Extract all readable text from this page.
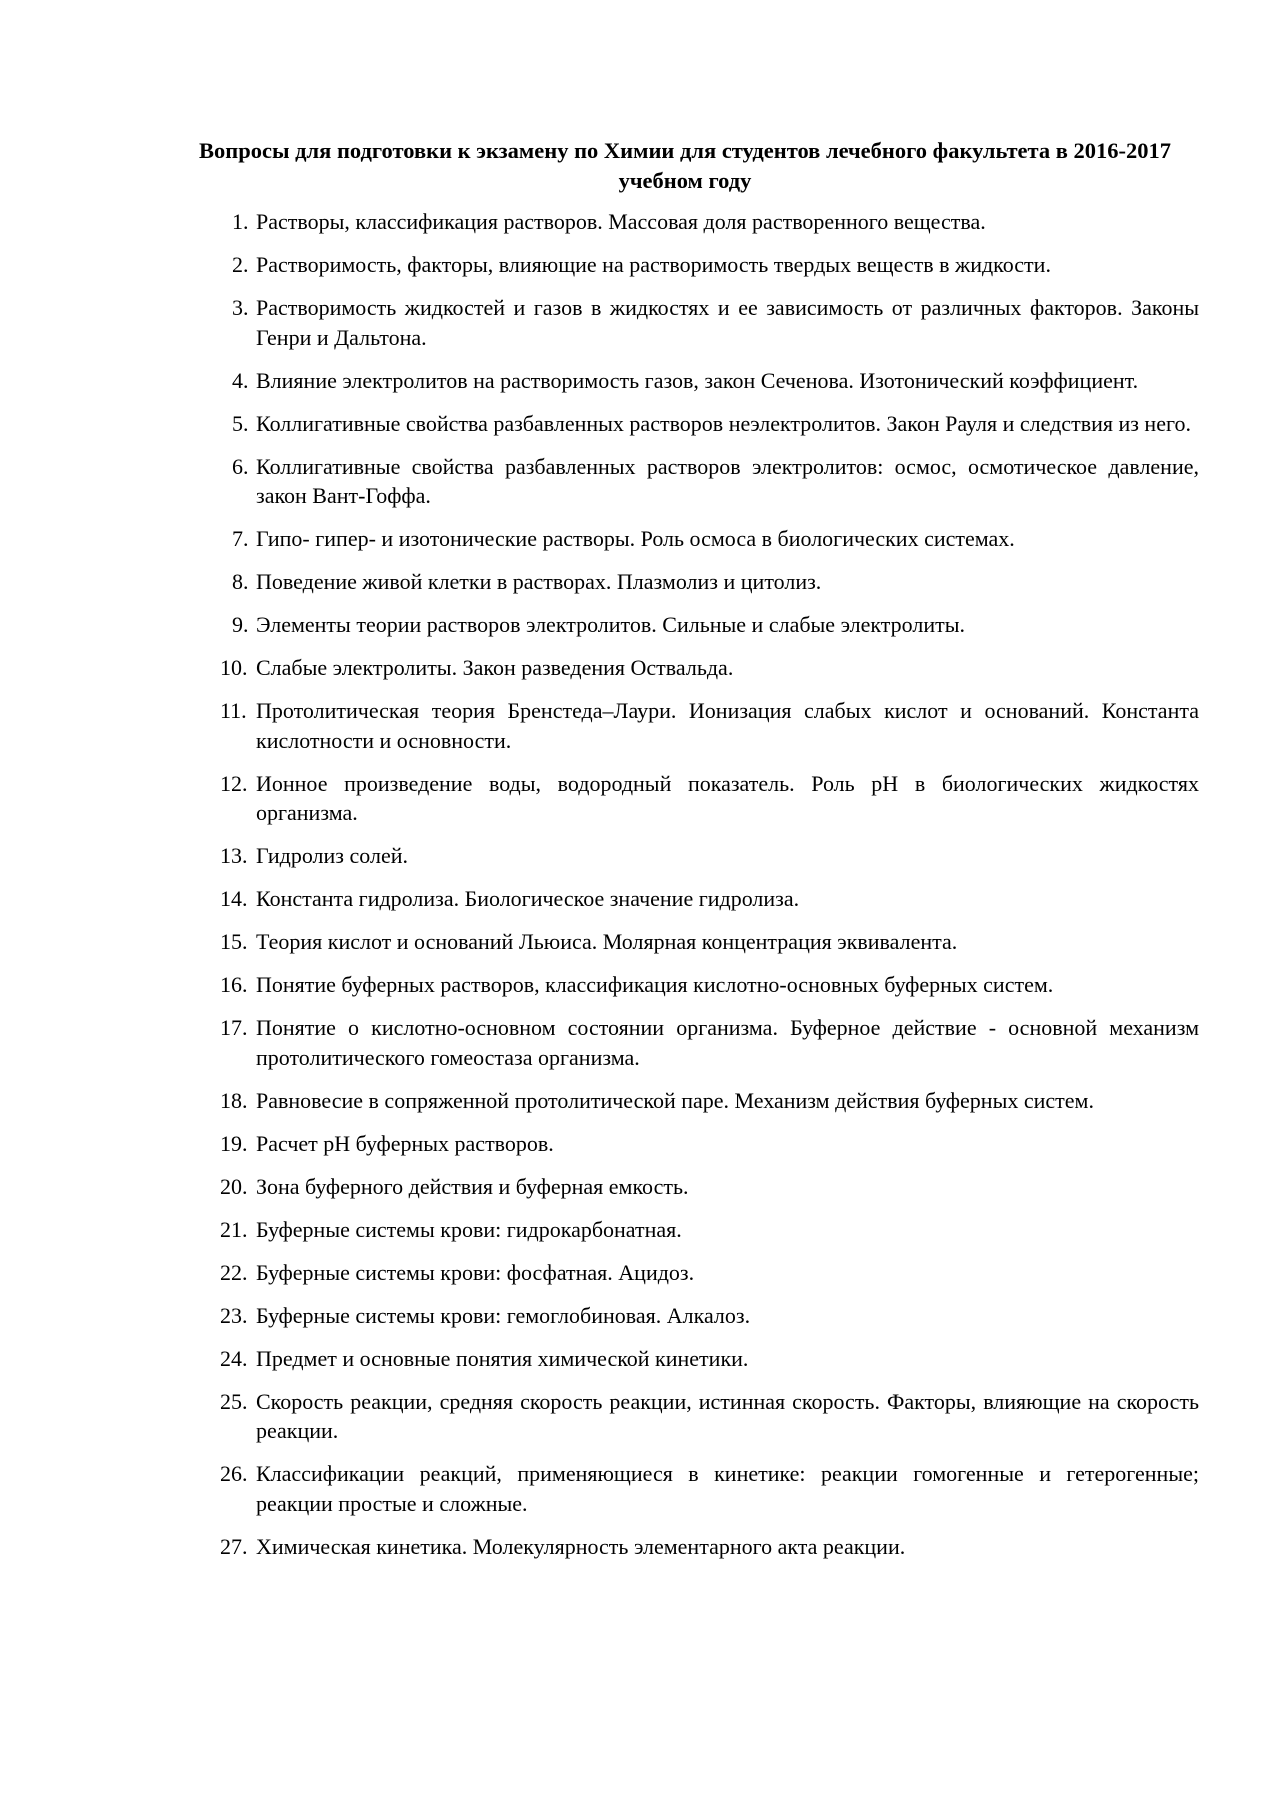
Вопросы для подготовки к экзамену по Химии для студентов лечебного факультета в 2016-2017 учебном году
1. Растворы, классификация растворов. Массовая доля растворенного вещества.
2. Растворимость, факторы, влияющие на растворимость твердых веществ в жидкости.
3. Растворимость жидкостей и газов в жидкостях и ее зависимость от различных факторов. Законы Генри и Дальтона.
4. Влияние электролитов на растворимость газов, закон Сеченова. Изотонический коэффициент.
5. Коллигативные свойства разбавленных растворов неэлектролитов. Закон Рауля и следствия из него.
6. Коллигативные свойства разбавленных растворов электролитов: осмос, осмотическое давление, закон Вант-Гоффа.
7. Гипо- гипер- и изотонические растворы. Роль осмоса в биологических системах.
8. Поведение живой клетки в растворах. Плазмолиз и цитолиз.
9. Элементы теории растворов электролитов. Сильные и слабые электролиты.
10. Слабые электролиты. Закон разведения Оствальда.
11. Протолитическая теория Бренстеда–Лаури. Ионизация слабых кислот и оснований. Константа кислотности и основности.
12. Ионное произведение воды, водородный показатель. Роль рН в биологических жидкостях организма.
13. Гидролиз солей.
14. Константа гидролиза. Биологическое значение гидролиза.
15. Теория кислот и оснований Льюиса. Молярная концентрация эквивалента.
16. Понятие буферных растворов, классификация кислотно-основных буферных систем.
17. Понятие о кислотно-основном состоянии организма. Буферное действие - основной механизм протолитического гомеостаза организма.
18. Равновесие в сопряженной протолитической паре. Механизм действия буферных систем.
19. Расчет рН буферных растворов.
20. Зона буферного действия и буферная емкость.
21. Буферные системы крови: гидрокарбонатная.
22. Буферные системы крови: фосфатная. Ацидоз.
23. Буферные системы крови: гемоглобиновая. Алкалоз.
24. Предмет и основные понятия химической кинетики.
25. Скорость реакции, средняя скорость реакции, истинная скорость. Факторы, влияющие на скорость реакции.
26. Классификации реакций, применяющиеся в кинетике: реакции гомогенные и гетерогенные; реакции простые и сложные.
27. Химическая кинетика. Молекулярность элементарного акта реакции.
